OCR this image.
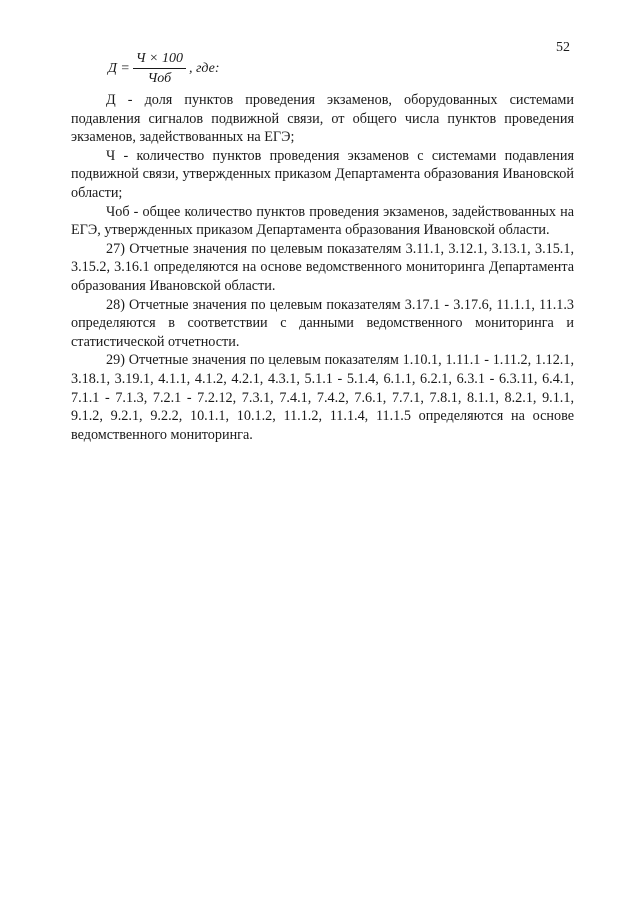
52
$Д = \frac{Ч \times 100}{\text{Чоб}}$ , где:

Д - доля пунктов проведения экзаменов, оборудованных системами подавления сигналов подвижной связи, от общего числа пунктов проведения экзаменов, задействованных на ЕГЭ;

Ч - количество пунктов проведения экзаменов с системами подавления подвижной связи, утвержденных приказом Департамента образования Ивановской области;

Чоб - общее количество пунктов проведения экзаменов, задействованных на ЕГЭ, утвержденных приказом Департамента образования Ивановской области.

27) Отчетные значения по целевым показателям 3.11.1, 3.12.1, 3.13.1, 3.15.1, 3.15.2, 3.16.1 определяются на основе ведомственного мониторинга Департамента образования Ивановской области.

28) Отчетные значения по целевым показателям 3.17.1 - 3.17.6, 11.1.1, 11.1.3 определяются в соответствии с данными ведомственного мониторинга и статистической отчетности.

29) Отчетные значения по целевым показателям 1.10.1, 1.11.1 - 1.11.2, 1.12.1, 3.18.1, 3.19.1, 4.1.1, 4.1.2, 4.2.1, 4.3.1, 5.1.1 - 5.1.4, 6.1.1, 6.2.1, 6.3.1 - 6.3.11, 6.4.1, 7.1.1 - 7.1.3, 7.2.1 - 7.2.12, 7.3.1, 7.4.1, 7.4.2, 7.6.1, 7.7.1, 7.8.1, 8.1.1, 8.2.1, 9.1.1, 9.1.2, 9.2.1, 9.2.2, 10.1.1, 10.1.2, 11.1.2, 11.1.4, 11.1.5 определяются на основе ведомственного мониторинга.
